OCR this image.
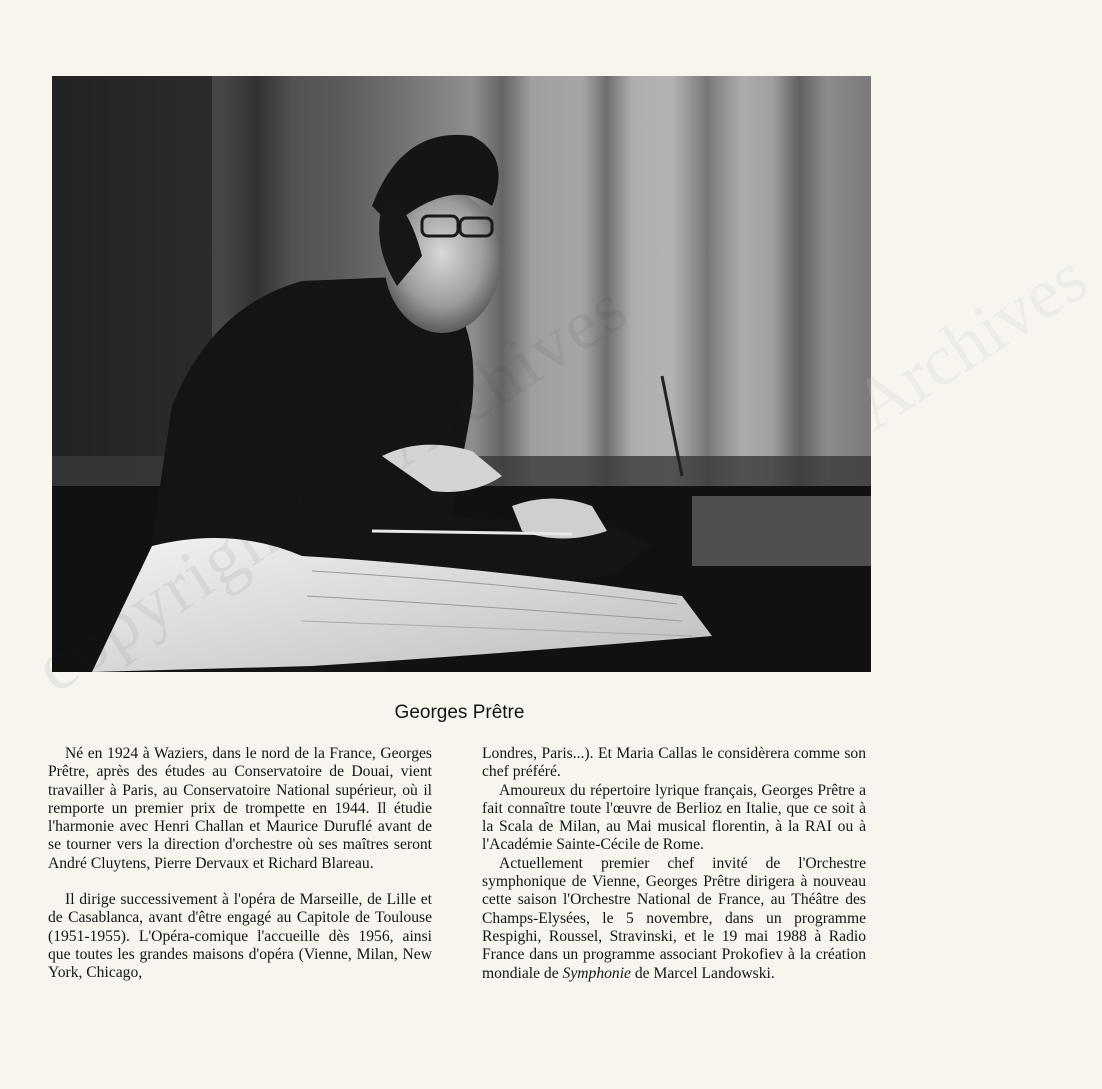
Archives
Georges Prêtre

Né en 1924 à Waziers, dans le nord de la France, Georges Prêtre, après des études au Conservatoire de Douai, vient travailler à Paris, au Conservatoire National supérieur, où il remporte un premier prix de trompette en 1944. Il étudie l'harmonie avec Henri Challan et Maurice Duruflé avant de se tourner vers la direction d'orchestre où ses maîtres seront André Cluytens, Pierre Dervaux et Richard Blareau.

Il dirige successivement à l'opéra de Marseille, de Lille et de Casablanca, avant d'être engagé au Capitole de Toulouse (1951-1955). L'Opéra-comique l'accueille dès 1956, ainsi que toutes les grandes maisons d'opéra (Vienne, Milan, New York, Chicago,

Londres, Paris...). Et Maria Callas le considèrera comme son chef préféré.

Amoureux du répertoire lyrique français, Georges Prêtre a fait connaître toute l'œuvre de Berlioz en Italie, que ce soit à la Scala de Milan, au Mai musical florentin, à la RAI ou à l'Académie Sainte-Cécile de Rome.

Actuellement premier chef invité de l'Orchestre symphonique de Vienne, Georges Prêtre dirigera à nouveau cette saison l'Orchestre National de France, au Théâtre des Champs-Elysées, le 5 novembre, dans un programme Respighi, Roussel, Stravinski, et le 19 mai 1988 à Radio France dans un programme associant Prokofiev à la création mondiale de Symphonie de Marcel Landowski.
